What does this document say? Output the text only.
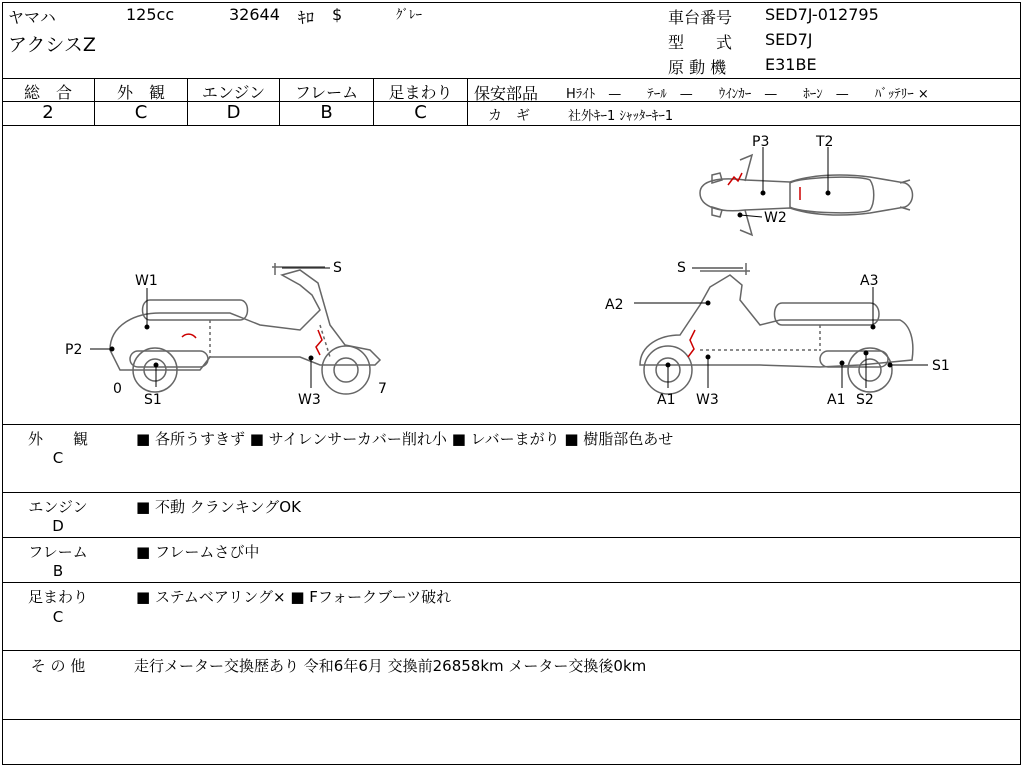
ヤマハ	125cc	32644 ｷﾛ $	ｸﾞﾚｰ
アクシスZ
車台番号 SED7J-012795
型　　式 SED7J
原 動 機 E31BE
総　合
2
外　観
C
エンジン
D
フレーム
B
足まわり
C
保安部品 Hﾗｲﾄ　—　　ﾃｰﾙ　—　　ｳｲﾝｶｰ　—　　ﾎｰﾝ　—　　ﾊﾞｯﾃﾘｰ ×
カ　ギ	社外ｷｰ1 ｼｬｯﾀｰｷｰ1
W1
S
P2
0
S1	W3
7
S
A2
A3
S1
A1 W3	A1 S2
P3	T2
W2
外　　観
C
■ 各所うすきず ■ サイレンサーカバー削れ小 ■ レバーまがり ■ 樹脂部色あせ
エンジン
D
■ 不動 クランキングOK
フレーム
B
■ フレームさび中
足まわり
C
■ ステムベアリング× ■ Fフォークブーツ破れ
そ の 他	走行メーター交換歴あり 令和6年6月 交換前26858km メーター交換後0km
